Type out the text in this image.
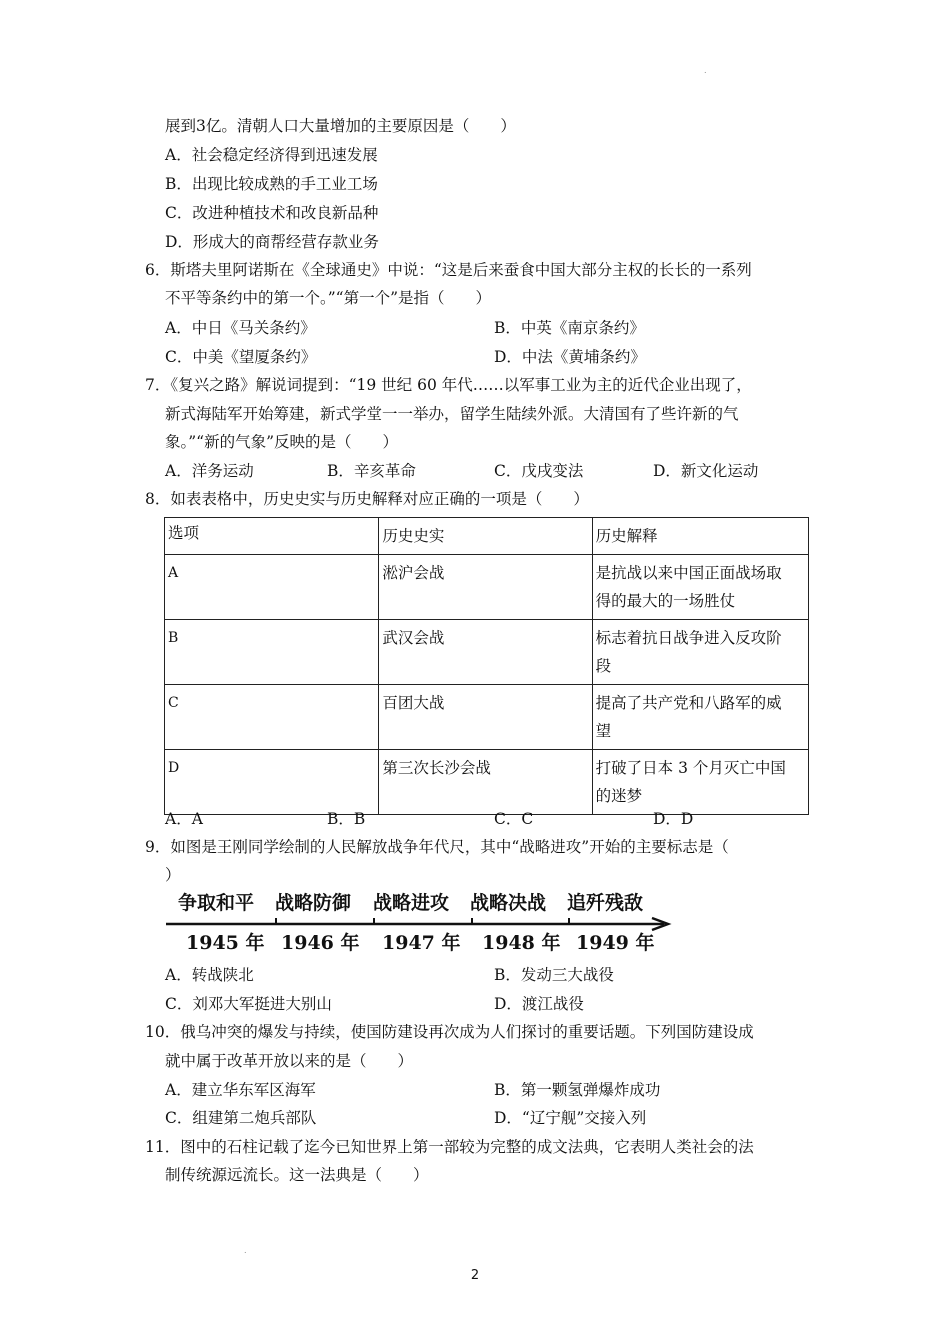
.
展到3亿。清朝人口大量增加的主要原因是（　　）
A．社会稳定经济得到迅速发展
B．出现比较成熟的手工业工场
C．改进种植技术和改良新品种
D．形成大的商帮经营存款业务
6．斯塔夫里阿诺斯在《全球通史》中说：“这是后来蚕食中国大部分主权的长长的一系列
不平等条约中的第一个。”“第一个”是指（　　）
A．中日《马关条约》	B．中英《南京条约》
C．中美《望厦条约》	D．中法《黄埔条约》
7．《复兴之路》解说词提到：“19 世纪 60 年代……以军事工业为主的近代企业出现了，
新式海陆军开始筹建，新式学堂一一举办，留学生陆续外派。大清国有了些许新的气
象。”“新的气象”反映的是（　　）
A．洋务运动	B．辛亥革命	C．戊戌变法	D．新文化运动
8．如表表格中，历史史实与历史解释对应正确的一项是（　　）
选项	历史史实	历史解释
A	淞沪会战	是抗战以来中国正面战场取
得的最大的一场胜仗

B	武汉会战	标志着抗日战争进入反攻阶
段

C	百团大战	提高了共产党和八路军的威
望

D	第三次长沙会战	打破了日本 3 个月灭亡中国
的迷梦
A．A	B．B	C．C	D．D
9．如图是王刚同学绘制的人民解放战争年代尺，其中“战略进攻”开始的主要标志是（
）
争取和平 战略防御 战略进攻 战略决战 追歼残敌
1945 年 1946 年 1947 年 1948 年 1949 年
A．转战陕北	B．发动三大战役
C．刘邓大军挺进大别山	D．渡江战役
10．俄乌冲突的爆发与持续，使国防建设再次成为人们探讨的重要话题。下列国防建设成
就中属于改革开放以来的是（　　）
A．建立华东军区海军	B．第一颗氢弹爆炸成功
C．组建第二炮兵部队	D．“辽宁舰”交接入列
11．图中的石柱记载了迄今已知世界上第一部较为完整的成文法典，它表明人类社会的法
制传统源远流长。这一法典是（　　）
.
2
